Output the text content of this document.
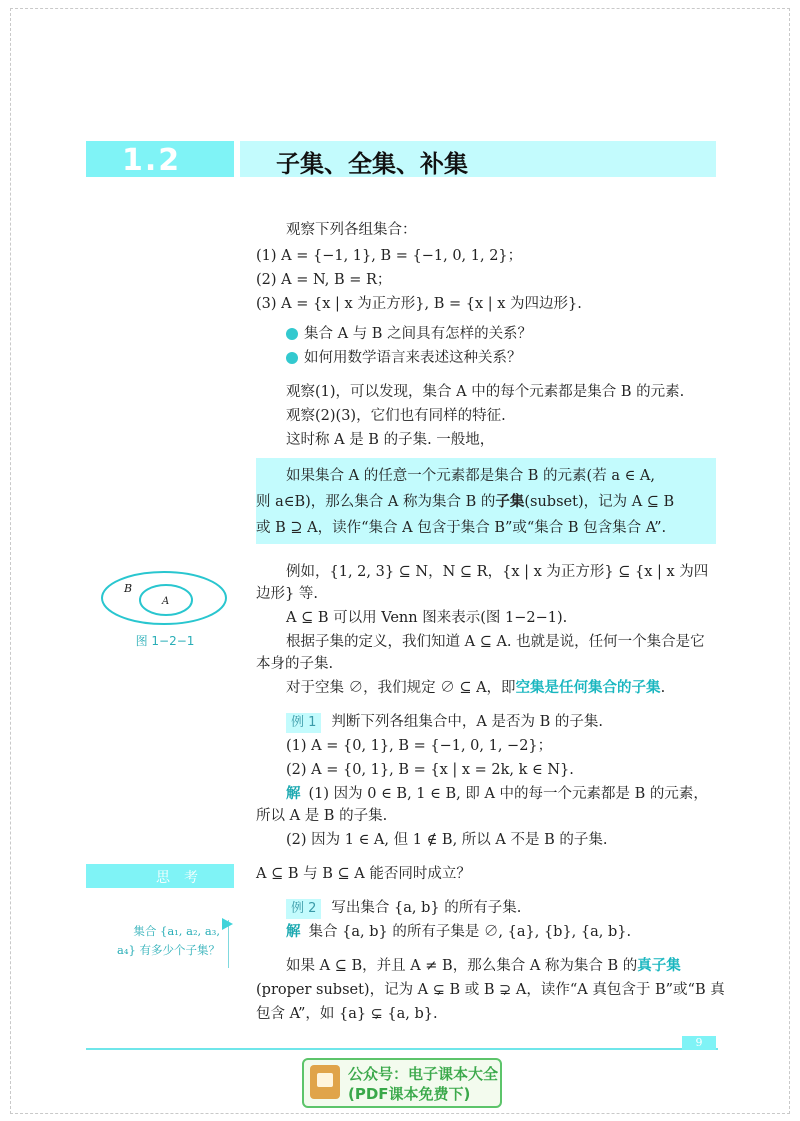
1.2	子集、全集、补集
观察下列各组集合：
(1) A = {−1, 1}, B = {−1, 0, 1, 2}；
(2) A = N, B = R；
(3) A = {x | x 为正方形}, B = {x | x 为四边形}.
集合 A 与 B 之间具有怎样的关系？
如何用数学语言来表述这种关系？
观察(1)，可以发现，集合 A 中的每个元素都是集合 B 的元素.
观察(2)(3)，它们也有同样的特征.
这时称 A 是 B 的子集. 一般地，
如果集合 A 的任意一个元素都是集合 B 的元素(若 a ∈ A,
则 a∈B)，那么集合 A 称为集合 B 的子集(subset)，记为 A ⊆ B
或 B ⊇ A，读作“集合 A 包含于集合 B”或“集合 B 包含集合 A”.
B
A
图 1−2−1
例如，{1, 2, 3} ⊆ N，N ⊆ R，{x | x 为正方形} ⊆ {x | x 为四
边形} 等.
A ⊆ B 可以用 Venn 图来表示(图 1−2−1).
根据子集的定义，我们知道 A ⊆ A. 也就是说，任何一个集合是它
本身的子集.
对于空集 ∅，我们规定 ∅ ⊆ A，即空集是任何集合的子集.
例 1 判断下列各组集合中，A 是否为 B 的子集.
(1) A = {0, 1}, B = {−1, 0, 1, −2}；
(2) A = {0, 1}, B = {x | x = 2k, k ∈ N}.
解 (1) 因为 0 ∈ B, 1 ∈ B, 即 A 中的每一个元素都是 B 的元素，
所以 A 是 B 的子集.
(2) 因为 1 ∈ A, 但 1 ∉ B, 所以 A 不是 B 的子集.
思考	A ⊆ B 与 B ⊆ A 能否同时成立？
例 2 写出集合 {a, b} 的所有子集.
解 集合 {a, b} 的所有子集是 ∅, {a}, {b}, {a, b}.
集合 {a₁, a₂, a₃,
a₄} 有多少个子集？
如果 A ⊆ B，并且 A ≠ B，那么集合 A 称为集合 B 的真子集
(proper subset)，记为 A ⊊ B 或 B ⊋ A，读作“A 真包含于 B”或“B 真
包含 A”，如 {a} ⊊ {a, b}.
9
公众号：电子课本大全
(PDF课本免费下)
